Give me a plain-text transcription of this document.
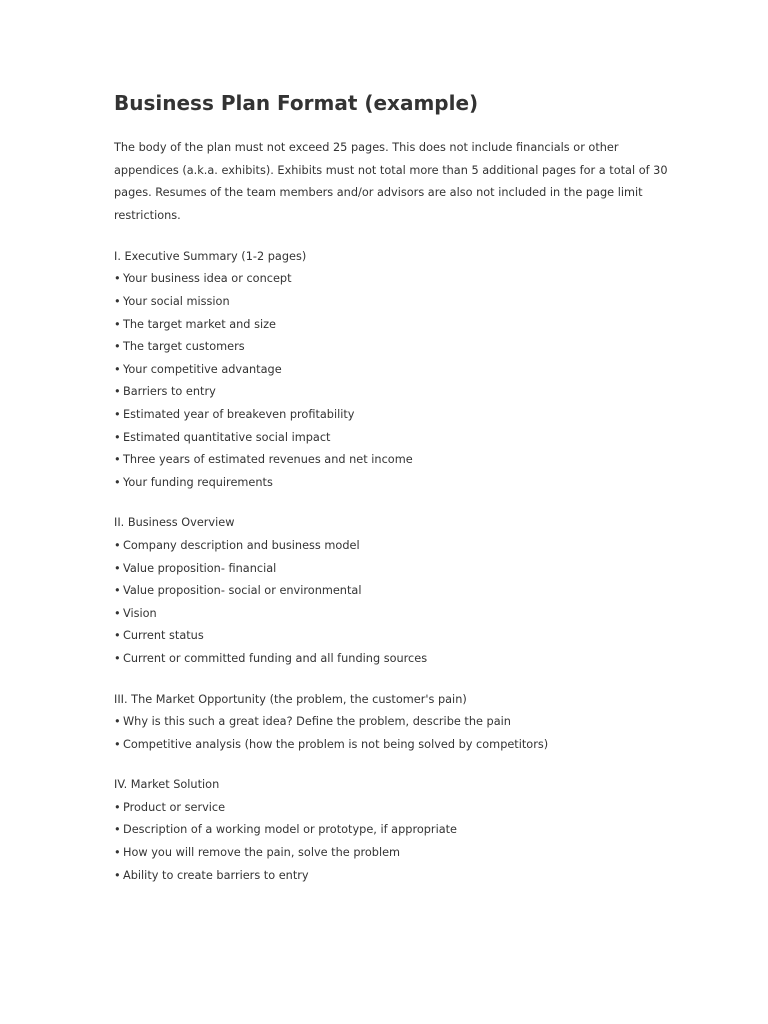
Business Plan Format (example)

The body of the plan must not exceed 25 pages. This does not include financials or other appendices (a.k.a. exhibits). Exhibits must not total more than 5 additional pages for a total of 30 pages. Resumes of the team members and/or advisors are also not included in the page limit restrictions.

I. Executive Summary (1-2 pages)
• Your business idea or concept
• Your social mission
• The target market and size
• The target customers
• Your competitive advantage
• Barriers to entry
• Estimated year of breakeven profitability
• Estimated quantitative social impact
• Three years of estimated revenues and net income
• Your funding requirements
II. Business Overview
• Company description and business model
• Value proposition- financial
• Value proposition- social or environmental
• Vision
• Current status
• Current or committed funding and all funding sources
III. The Market Opportunity (the problem, the customer's pain)
• Why is this such a great idea? Define the problem, describe the pain
• Competitive analysis (how the problem is not being solved by competitors)
IV. Market Solution
• Product or service
• Description of a working model or prototype, if appropriate
• How you will remove the pain, solve the problem
• Ability to create barriers to entry
